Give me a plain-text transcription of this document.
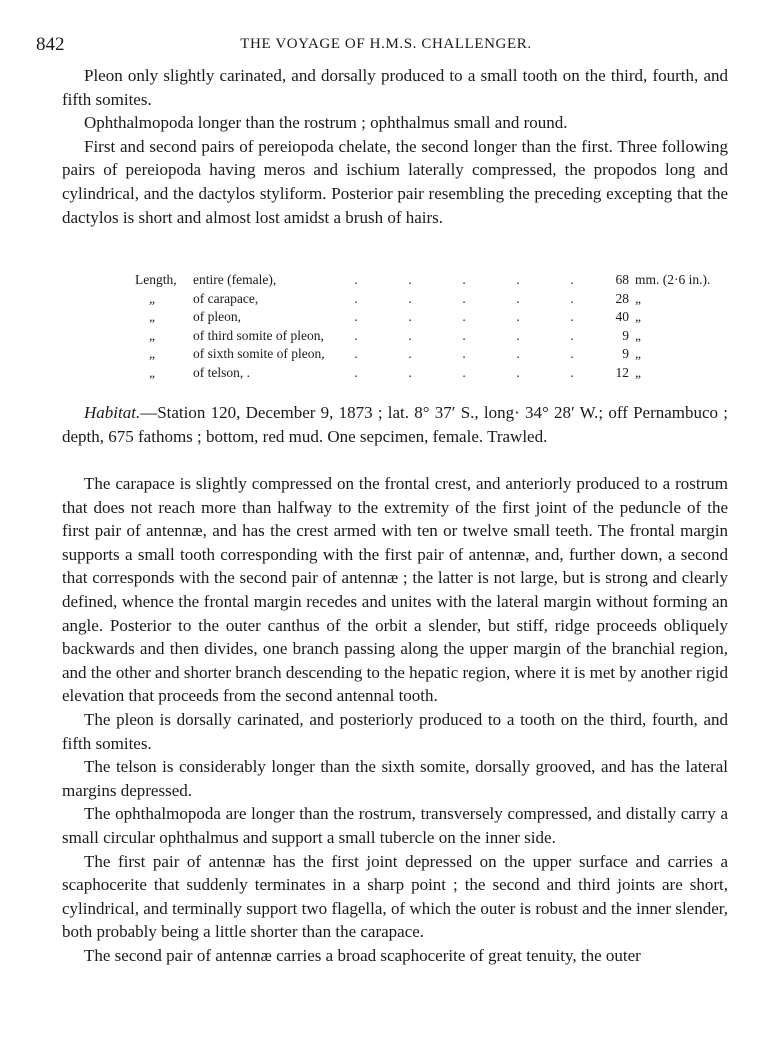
842	THE VOYAGE OF H.M.S. CHALLENGER.

Pleon only slightly carinated, and dorsally produced to a small tooth on the third, fourth, and fifth somites.

Ophthalmopoda longer than the rostrum ; ophthalmus small and round.

First and second pairs of pereiopoda chelate, the second longer than the first. Three following pairs of pereiopoda having meros and ischium laterally compressed, the propodos long and cylindrical, and the dactylos styliform. Posterior pair resembling the preceding excepting that the dactylos is short and almost lost amidst a brush of hairs.

Length,	entire (female),	.	.	.	.	.	68	mm. (2·6 in.).
„	of carapace,	.	.	.	.	.	28	„
„	of pleon,	.	.	.	.	.	40	„
„	of third somite of pleon,	.	.	.	.	.	9	„
„	of sixth somite of pleon,	.	.	.	.	.	9	„
„	of telson, .	.	.	.	.	.	12	„

Habitat.—Station 120, December 9, 1873 ; lat. 8° 37′ S., long· 34° 28′ W.; off Pernambuco ; depth, 675 fathoms ; bottom, red mud. One sepcimen, female. Trawled.

The carapace is slightly compressed on the frontal crest, and anteriorly produced to a rostrum that does not reach more than halfway to the extremity of the first joint of the peduncle of the first pair of antennæ, and has the crest armed with ten or twelve small teeth. The frontal margin supports a small tooth corresponding with the first pair of antennæ, and, further down, a second that corresponds with the second pair of antennæ ; the latter is not large, but is strong and clearly defined, whence the frontal margin recedes and unites with the lateral margin without forming an angle. Posterior to the outer canthus of the orbit a slender, but stiff, ridge proceeds obliquely backwards and then divides, one branch passing along the upper margin of the branchial region, and the other and shorter branch descending to the hepatic region, where it is met by another rigid elevation that proceeds from the second antennal tooth.

The pleon is dorsally carinated, and posteriorly produced to a tooth on the third, fourth, and fifth somites.

The telson is considerably longer than the sixth somite, dorsally grooved, and has the lateral margins depressed.

The ophthalmopoda are longer than the rostrum, transversely compressed, and distally carry a small circular ophthalmus and support a small tubercle on the inner side.

The first pair of antennæ has the first joint depressed on the upper surface and carries a scaphocerite that suddenly terminates in a sharp point ; the second and third joints are short, cylindrical, and terminally support two flagella, of which the outer is robust and the inner slender, both probably being a little shorter than the carapace.

The second pair of antennæ carries a broad scaphocerite of great tenuity, the outer
